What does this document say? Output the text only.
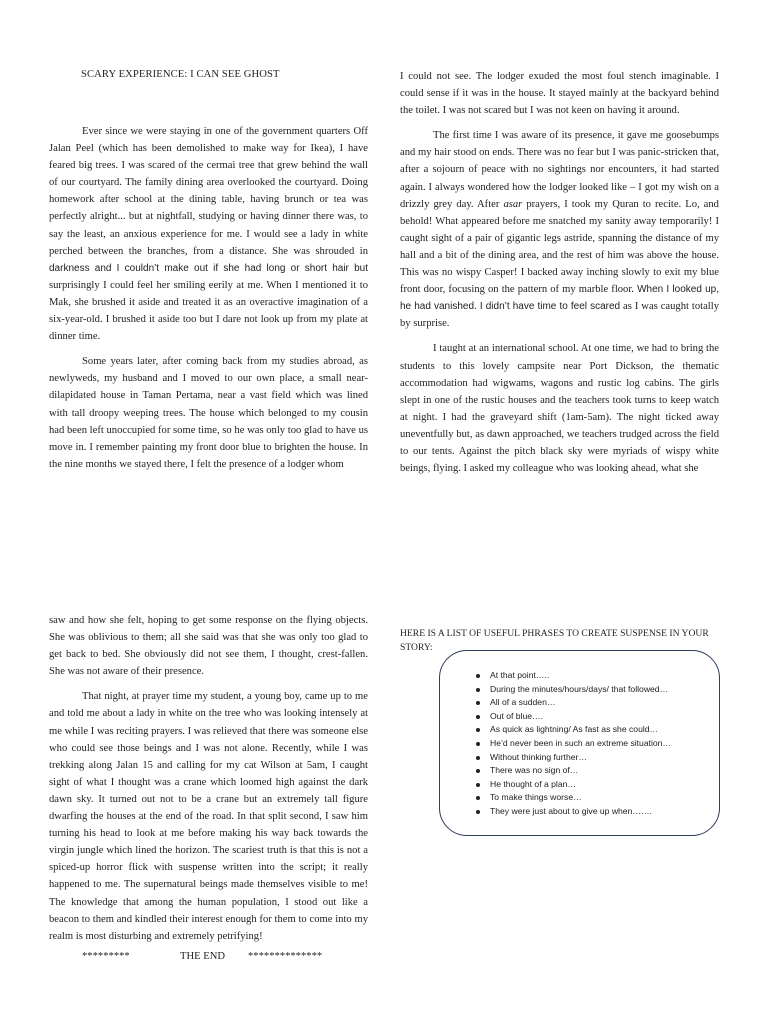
SCARY EXPERIENCE: I CAN SEE GHOST

Ever since we were staying in one of the government quarters Off Jalan Peel (which has been demolished to make way for Ikea), I have feared big trees. I was scared of the cermai tree that grew behind the wall of our courtyard. The family dining area overlooked the courtyard. Doing homework after school at the dining table, having brunch or tea was perfectly alright... but at nightfall, studying or having dinner there was, to say the least, an anxious experience for me. I would see a lady in white perched between the branches, from a distance. She was shrouded in darkness and I couldn’t make out if she had long or short hair but surprisingly I could feel her smiling eerily at me. When I mentioned it to Mak, she brushed it aside and treated it as an overactive imagination of a six-year-old. I brushed it aside too but I dare not look up from my plate at dinner time.

Some years later, after coming back from my studies abroad, as newlyweds, my husband and I moved to our own place, a small near-dilapidated house in Taman Pertama, near a vast field which was lined with tall droopy weeping trees. The house which belonged to my cousin had been left unoccupied for some time, so he was only too glad to have us move in. I remember painting my front door blue to brighten the house. In the nine months we stayed there, I felt the presence of a lodger whom

I could not see. The lodger exuded the most foul stench imaginable. I could sense if it was in the house. It stayed mainly at the backyard behind the toilet. I was not scared but I was not keen on having it around.

The first time I was aware of its presence, it gave me goosebumps and my hair stood on ends. There was no fear but I was panic-stricken that, after a sojourn of peace with no sightings nor encounters, it had started again. I always wondered how the lodger looked like – I got my wish on a drizzly grey day. After asar prayers, I took my Quran to recite. Lo, and behold! What appeared before me snatched my sanity away temporarily! I caught sight of a pair of gigantic legs astride, spanning the distance of my hall and a bit of the dining area, and the rest of him was above the house. This was no wispy Casper! I backed away inching slowly to exit my blue front door, focusing on the pattern of my marble floor. When I looked up, he had vanished. I didn’t have time to feel scared as I was caught totally by surprise.

I taught at an international school. At one time, we had to bring the students to this lovely campsite near Port Dickson, the thematic accommodation had wigwams, wagons and rustic log cabins. The girls slept in one of the rustic houses and the teachers took turns to keep watch at night. I had the graveyard shift (1am-5am). The night ticked away uneventfully but, as dawn approached, we teachers trudged across the field to our tents. Against the pitch black sky were myriads of wispy white beings, flying. I asked my colleague who was looking ahead, what she

saw and how she felt, hoping to get some response on the flying objects. She was oblivious to them; all she said was that she was only too glad to get back to bed. She obviously did not see them, I thought, crest-fallen. She was not aware of their presence.

That night, at prayer time my student, a young boy, came up to me and told me about a lady in white on the tree who was looking intensely at me while I was reciting prayers. I was relieved that there was someone else who could see those beings and I was not alone. Recently, while I was trekking along Jalan 15 and calling for my cat Wilson at 5am, I caught sight of what I thought was a crane which loomed high against the dark dawn sky. It turned out not to be a crane but an extremely tall figure dwarfing the houses at the end of the road. In that split second, I saw him turning his head to look at me before making his way back towards the virgin jungle which lined the horizon. The scariest truth is that this is not a spiced-up horror flick with suspense written into the script; it really happened to me. The supernatural beings made themselves visible to me! The knowledge that among the human population, I stood out like a beacon to them and kindled their interest enough for them to come into my realm is most disturbing and extremely petrifying!

*********	THE END **************
HERE IS A LIST OF USEFUL PHRASES TO CREATE SUSPENSE IN YOUR STORY:
At that point…..
During the minutes/hours/days/ that followed…
All of a sudden…
Out of blue….
As quick as lightning/ As fast as she could…
He’d never been in such an extreme situation…
Without thinking further…
There was no sign of…
He thought of a plan…
To make things worse…
They were just about to give up when…….
